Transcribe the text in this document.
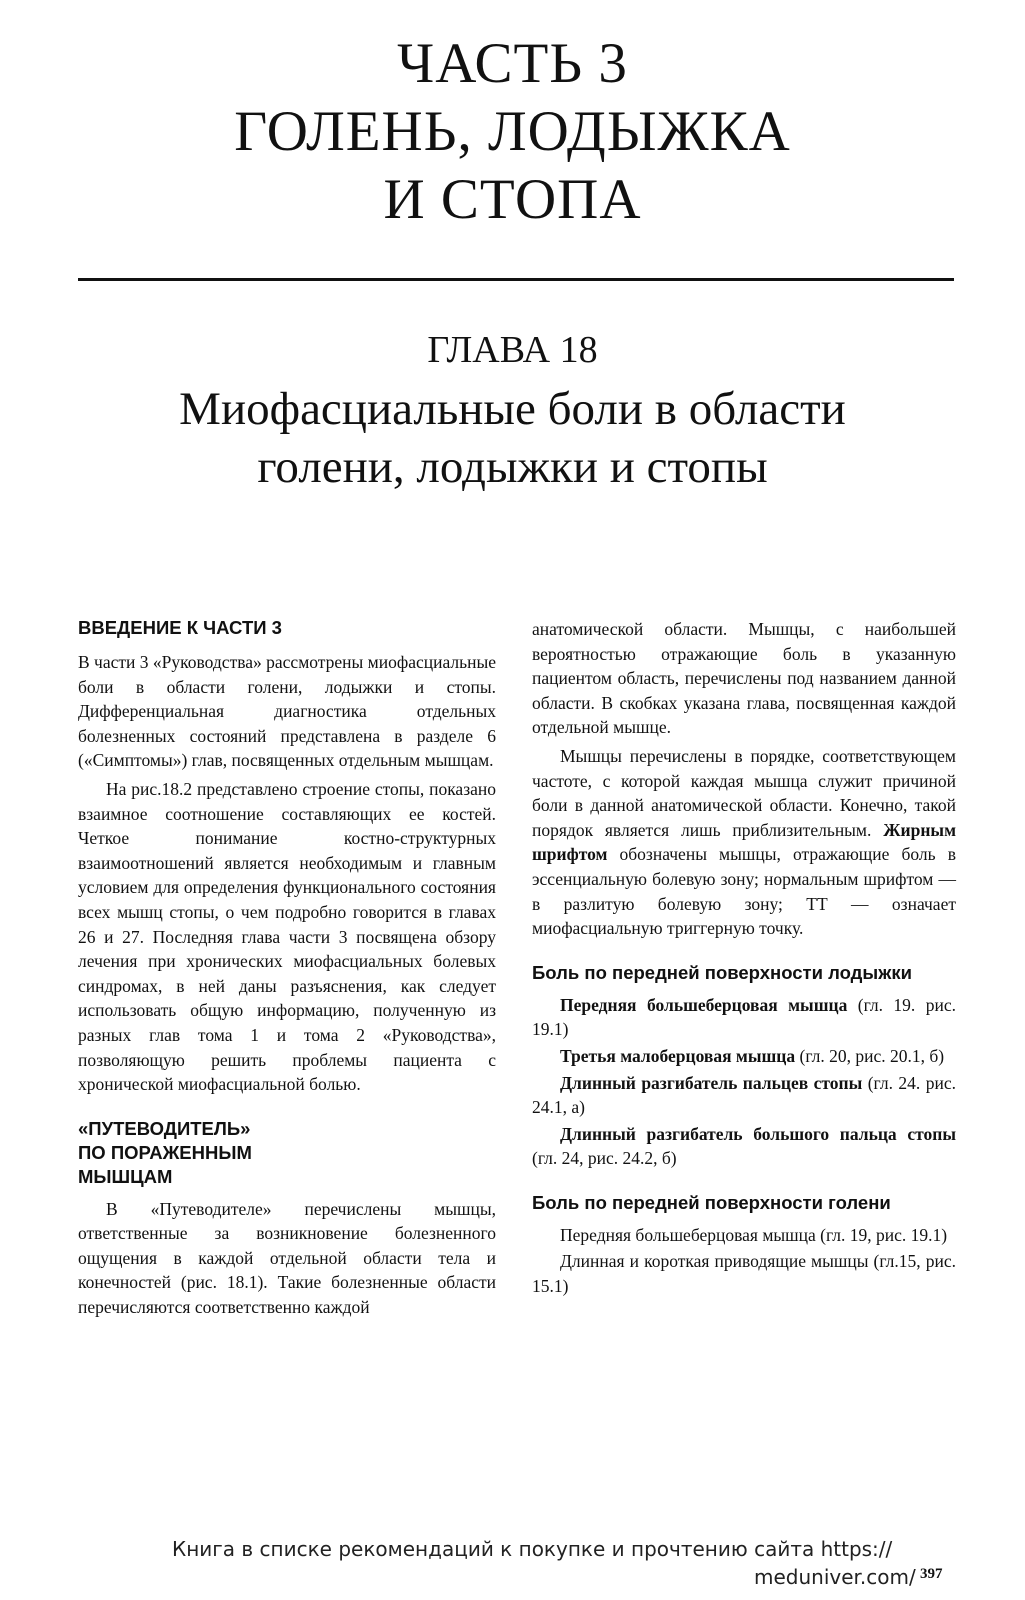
ЧАСТЬ 3
ГОЛЕНЬ, ЛОДЫЖКА
И СТОПА
ГЛАВА 18
Миофасциальные боли в области
голени, лодыжки и стопы
ВВЕДЕНИЕ К ЧАСТИ 3

В части 3 «Руководства» рассмотрены миофасциальные боли в области голени, лодыжки и стопы. Дифференциальная диагностика отдельных болезненных состояний представлена в разделе 6 («Симптомы») глав, посвященных отдельным мышцам.

На рис.18.2 представлено строение стопы, показано взаимное соотношение составляющих ее костей. Четкое понимание костно-структурных взаимоотношений является необходимым и главным условием для определения функционального состояния всех мышц стопы, о чем подробно говорится в главах 26 и 27. Последняя глава части 3 посвящена обзору лечения при хронических миофасциальных болевых синдромах, в ней даны разъяснения, как следует использовать общую информацию, полученную из разных глав тома 1 и тома 2 «Руководства», позволяющую решить проблемы пациента с хронической миофасциальной болью.

«ПУТЕВОДИТЕЛЬ»
ПО ПОРАЖЕННЫМ
МЫШЦАМ

В «Путеводителе» перечислены мышцы, ответственные за возникновение болезненного ощущения в каждой отдельной области тела и конечностей (рис. 18.1). Такие болезненные области перечисляются соответственно каждой

анатомической области. Мышцы, с наибольшей вероятностью отражающие боль в указанную пациентом область, перечислены под названием данной области. В скобках указана глава, посвященная каждой отдельной мышце.

Мышцы перечислены в порядке, соответствующем частоте, с которой каждая мышца служит причиной боли в данной анатомической области. Конечно, такой порядок является лишь приблизительным. Жирным шрифтом обозначены мышцы, отражающие боль в эссенциальную болевую зону; нормальным шрифтом — в разлитую болевую зону; ТТ — означает миофасциальную триггерную точку.

Боль по передней поверхности лодыжки

Передняя большеберцовая мышца (гл. 19. рис. 19.1)

Третья малоберцовая мышца (гл. 20, рис. 20.1, б)

Длинный разгибатель пальцев стопы (гл. 24. рис. 24.1, а)

Длинный разгибатель большого пальца стопы (гл. 24, рис. 24.2, б)

Боль по передней поверхности голени

Передняя большеберцовая мышца (гл. 19, рис. 19.1)

Длинная и короткая приводящие мышцы (гл.15, рис. 15.1)

Книга в списке рекомендаций к покупке и прочтению сайта https://
meduniver.com/ 397
